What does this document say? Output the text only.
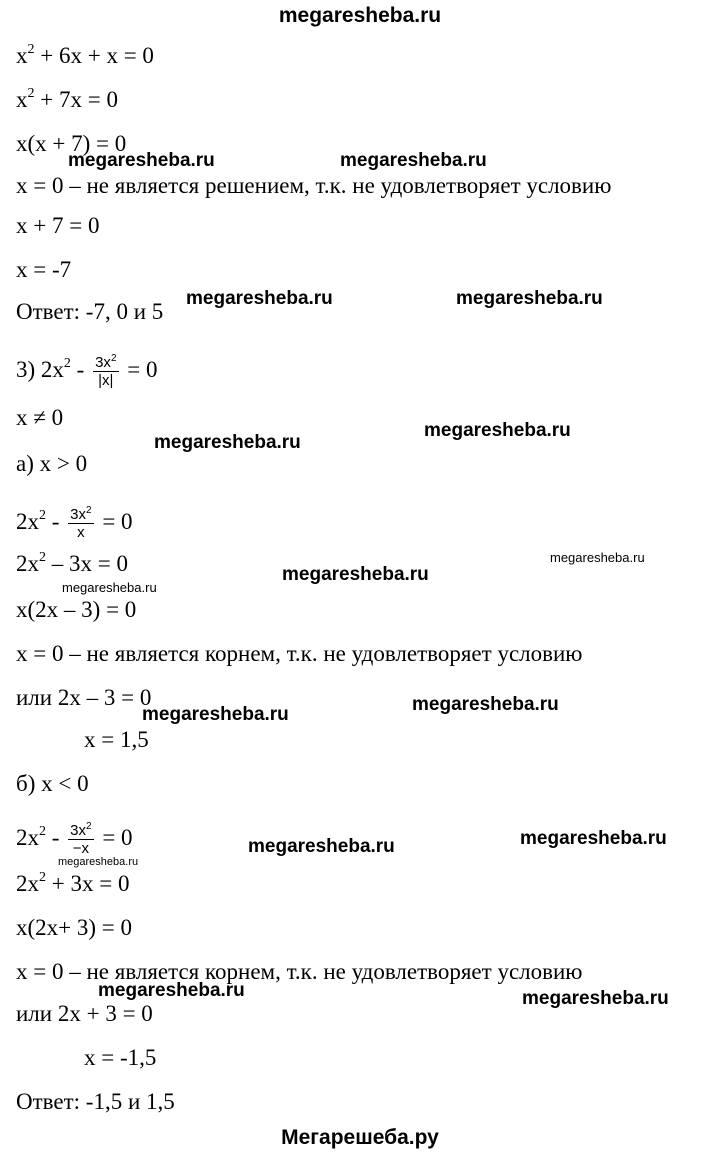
megaresheba.ru
$x^2 + 6x + x = 0$
$x^2 + 7x = 0$
x(x + 7) = 0
x = 0 – не является решением, т.к. не удовлетворяет условию
x + 7 = 0
x = -7
Ответ: -7, 0 и 5
3) $2x^2 - \frac{3x^2}{|x|} = 0$
x ≠ 0
а) x > 0
$2x^2 - \frac{3x^2}{x} = 0$
$2x^2 - 3x = 0$
x(2x – 3) = 0
x = 0 – не является корнем, т.к. не удовлетворяет условию
или 2x – 3 = 0
x = 1,5
б) x < 0
$2x^2 - \frac{3x^2}{-x} = 0$
$2x^2 + 3x = 0$
x(2x+ 3) = 0
x = 0 – не является корнем, т.к. не удовлетворяет условию
или 2x + 3 = 0
x = -1,5
Ответ: -1,5 и 1,5
megaresheba.ru	megaresheba.ru
megaresheba.ru	megaresheba.ru
megaresheba.ru
megaresheba.ru
megaresheba.ru
megaresheba.ru
megaresheba.ru
megaresheba.ru	megaresheba.ru
megaresheba.ru	megaresheba.ru
megaresheba.ru
megaresheba.ru	megaresheba.ru
Мегарешеба.ру
